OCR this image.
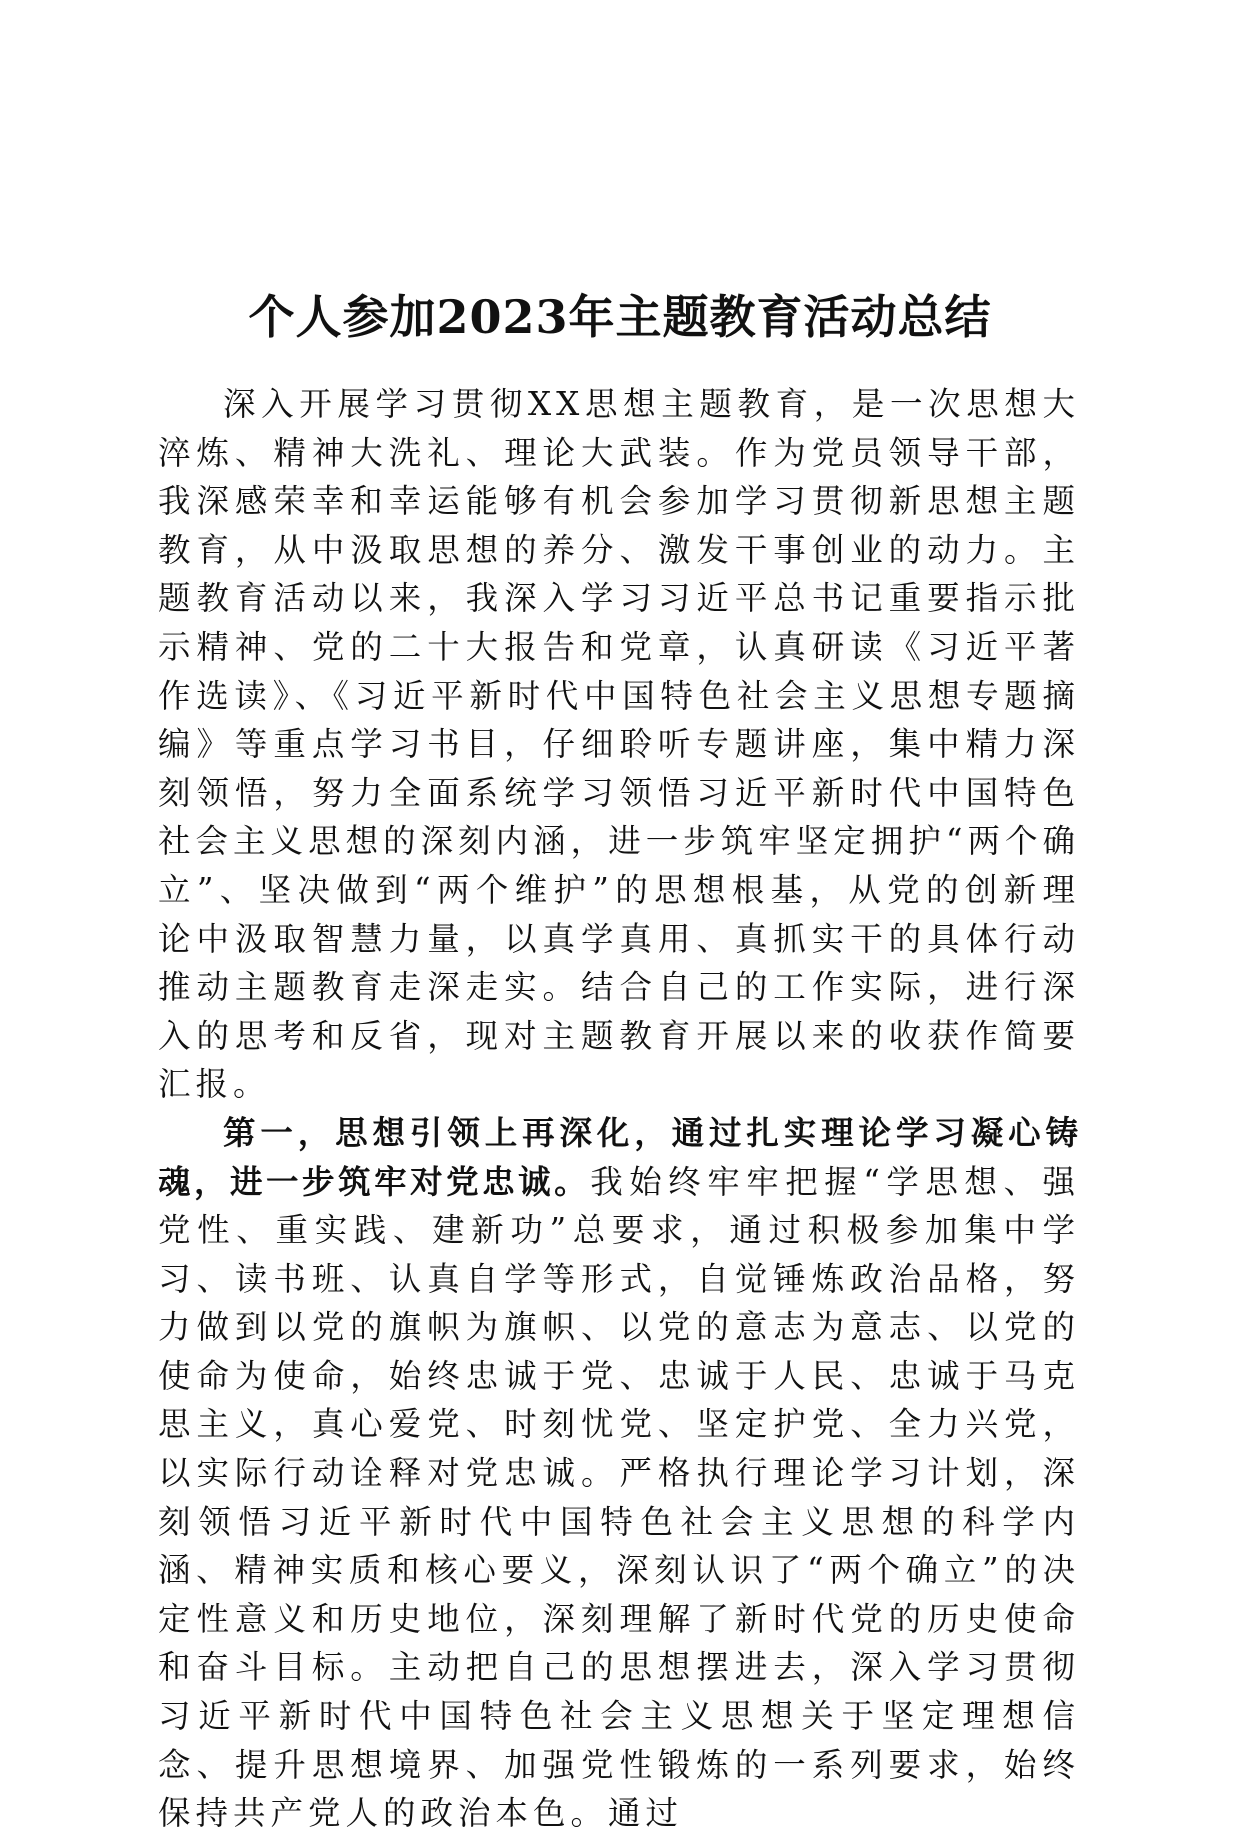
个人参加2023年主题教育活动总结

深入开展学习贯彻XX思想主题教育，是一次思想大淬炼、精神大洗礼、理论大武装。作为党员领导干部，我深感荣幸和幸运能够有机会参加学习贯彻新思想主题教育，从中汲取思想的养分、激发干事创业的动力。主题教育活动以来，我深入学习习近平总书记重要指示批示精神、党的二十大报告和党章，认真研读《习近平著作选读》、《习近平新时代中国特色社会主义思想专题摘编》等重点学习书目，仔细聆听专题讲座，集中精力深刻领悟，努力全面系统学习领悟习近平新时代中国特色社会主义思想的深刻内涵，进一步筑牢坚定拥护“两个确立”、坚决做到“两个维护”的思想根基，从党的创新理论中汲取智慧力量，以真学真用、真抓实干的具体行动推动主题教育走深走实。结合自己的工作实际，进行深入的思考和反省，现对主题教育开展以来的收获作简要汇报。

第一，思想引领上再深化，通过扎实理论学习凝心铸魂，进一步筑牢对党忠诚。我始终牢牢把握“学思想、强党性、重实践、建新功”总要求，通过积极参加集中学习、读书班、认真自学等形式，自觉锤炼政治品格，努力做到以党的旗帜为旗帜、以党的意志为意志、以党的使命为使命，始终忠诚于党、忠诚于人民、忠诚于马克思主义，真心爱党、时刻忧党、坚定护党、全力兴党，以实际行动诠释对党忠诚。严格执行理论学习计划，深刻领悟习近平新时代中国特色社会主义思想的科学内涵、精神实质和核心要义，深刻认识了“两个确立”的决定性意义和历史地位，深刻理解了新时代党的历史使命和奋斗目标。主动把自己的思想摆进去，深入学习贯彻习近平新时代中国特色社会主义思想关于坚定理想信念、提升思想境界、加强党性锻炼的一系列要求，始终保持共产党人的政治本色。通过
